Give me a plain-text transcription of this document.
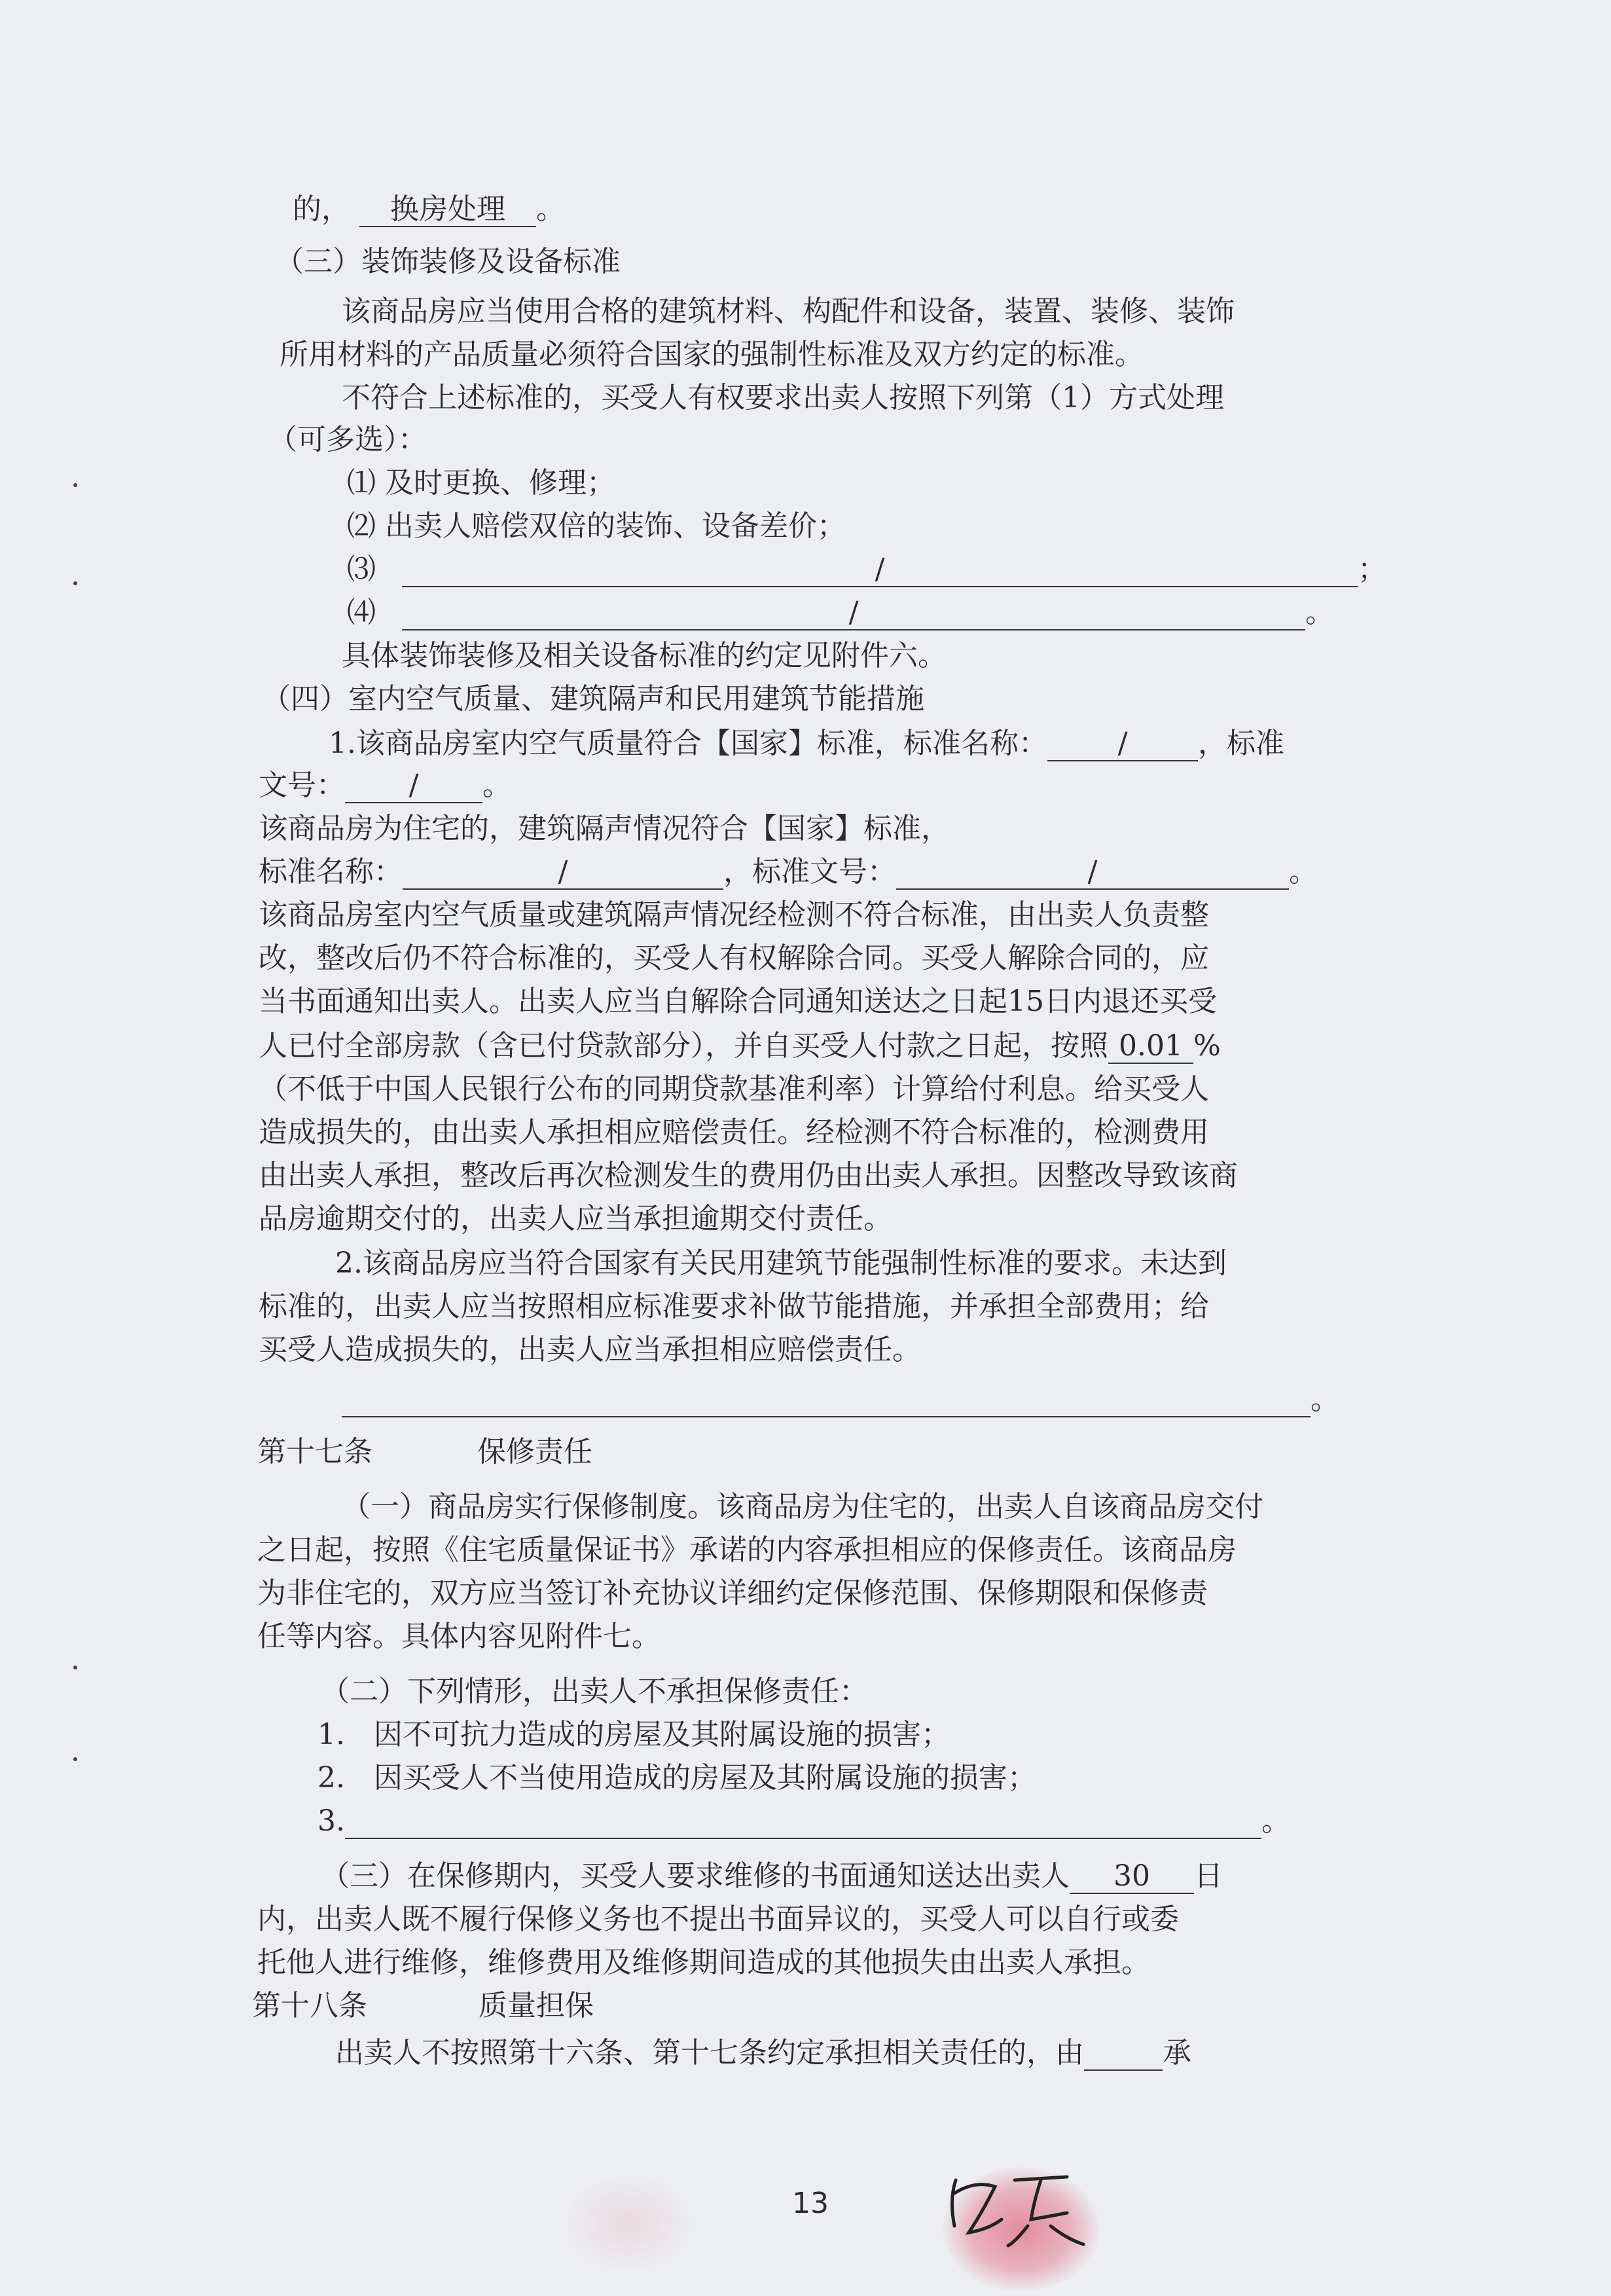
的， 换房处理 。
（三）装饰装修及设备标准
该商品房应当使用合格的建筑材料、构配件和设备，装置、装修、装饰
所用材料的产品质量必须符合国家的强制性标准及双方约定的标准。
不符合上述标准的，买受人有权要求出卖人按照下列第（1）方式处理
（可多选）：
⑴ 及时更换、修理；
⑵ 出卖人赔偿双倍的装饰、设备差价；
⑶	/	；
⑷	/	。
具体装饰装修及相关设备标准的约定见附件六。
（四）室内空气质量、建筑隔声和民用建筑节能措施
1.该商品房室内空气质量符合【国家】标准，标准名称： / ，标准
文号： / 。
该商品房为住宅的，建筑隔声情况符合【国家】标准，
标准名称：	/	，标准文号：	/	。
该商品房室内空气质量或建筑隔声情况经检测不符合标准，由出卖人负责整
改，整改后仍不符合标准的，买受人有权解除合同。买受人解除合同的，应
当书面通知出卖人。出卖人应当自解除合同通知送达之日起15日内退还买受
人已付全部房款（含已付贷款部分），并自买受人付款之日起，按照 0.01 %
（不低于中国人民银行公布的同期贷款基准利率）计算给付利息。给买受人
造成损失的，由出卖人承担相应赔偿责任。经检测不符合标准的，检测费用
由出卖人承担，整改后再次检测发生的费用仍由出卖人承担。因整改导致该商
品房逾期交付的，出卖人应当承担逾期交付责任。
2.该商品房应当符合国家有关民用建筑节能强制性标准的要求。未达到
标准的，出卖人应当按照相应标准要求补做节能措施，并承担全部费用；给
买受人造成损失的，出卖人应当承担相应赔偿责任。
。
第十七条	保修责任
（一）商品房实行保修制度。该商品房为住宅的，出卖人自该商品房交付
之日起，按照《住宅质量保证书》承诺的内容承担相应的保修责任。该商品房
为非住宅的，双方应当签订补充协议详细约定保修范围、保修期限和保修责
任等内容。具体内容见附件七。
（二）下列情形，出卖人不承担保修责任：
1.　因不可抗力造成的房屋及其附属设施的损害；
2.　因买受人不当使用造成的房屋及其附属设施的损害；
3.	。
（三）在保修期内，买受人要求维修的书面通知送达出卖人 30 日
内，出卖人既不履行保修义务也不提出书面异议的，买受人可以自行或委
托他人进行维修，维修费用及维修期间造成的其他损失由出卖人承担。
第十八条	质量担保
出卖人不按照第十六条、第十七条约定承担相关责任的，由	承
13
